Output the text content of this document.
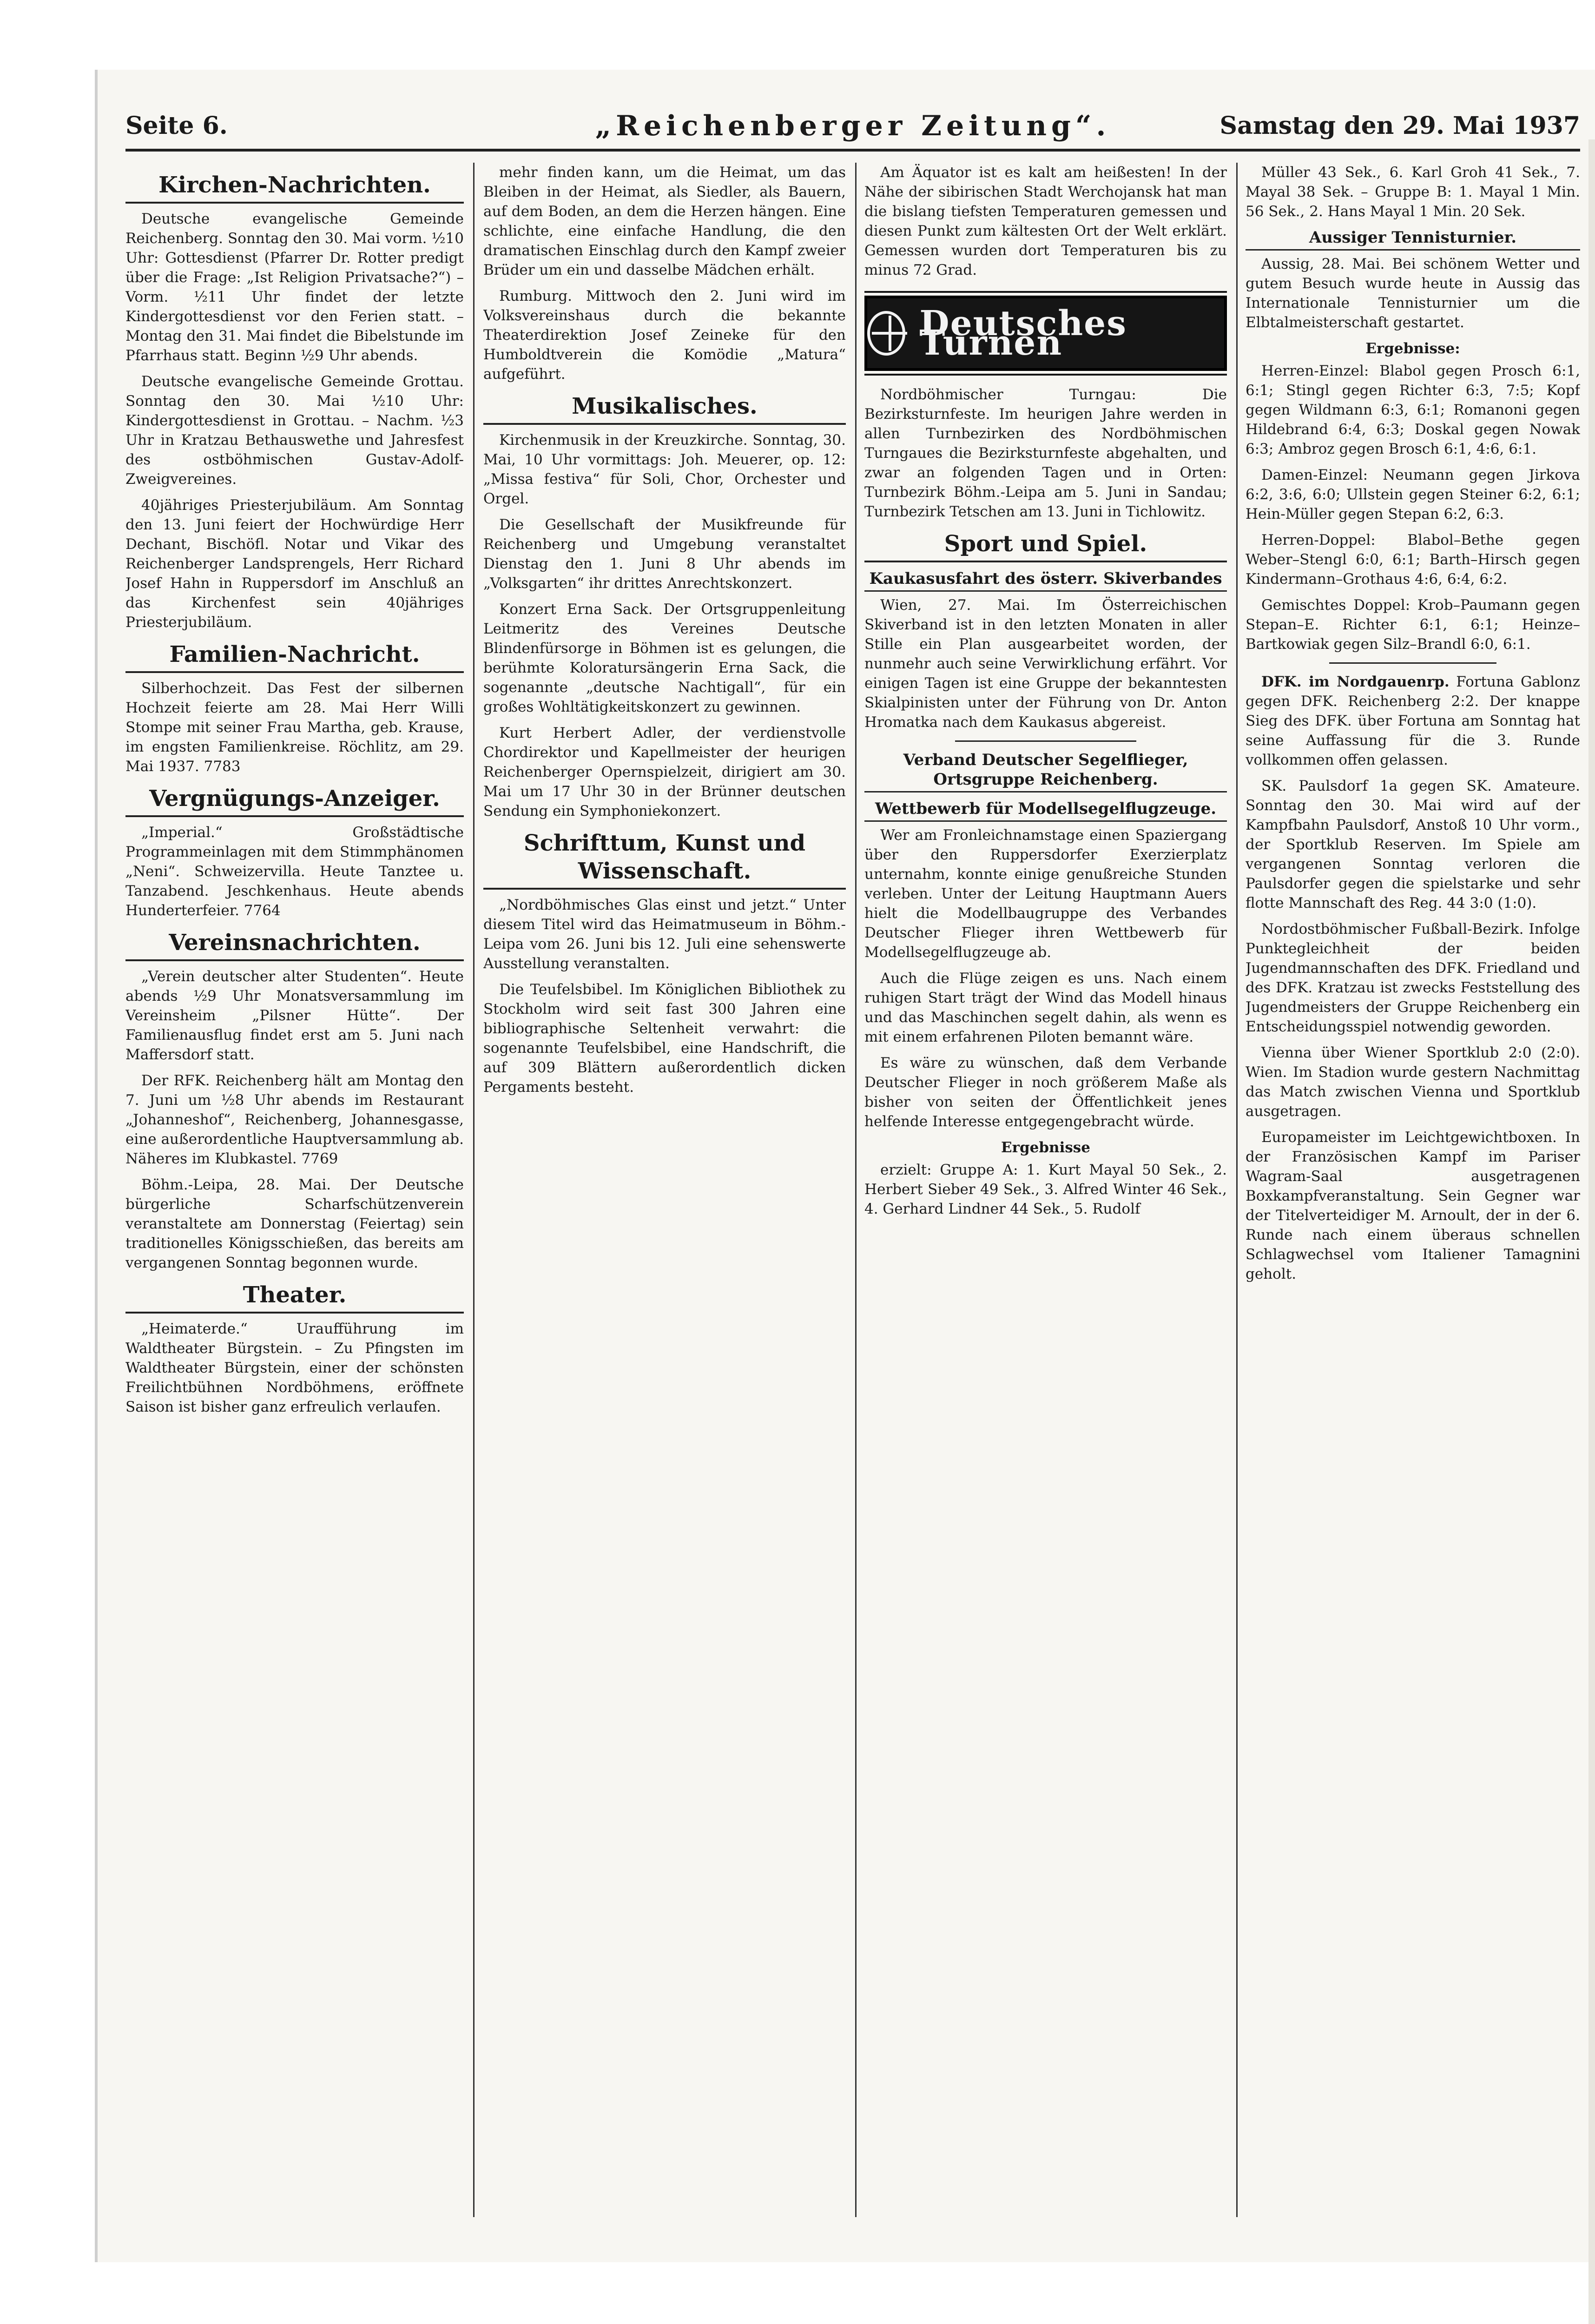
Seite 6.	„Reichenberger Zeitung“.	Samstag den 29. Mai 1937
Kirchen-Nachrichten.

Deutsche evangelische Gemeinde Reichenberg. Sonntag den 30. Mai vorm. ½10 Uhr: Gottesdienst (Pfarrer Dr. Rotter predigt über die Frage: „Ist Religion Privatsache?“) – Vorm. ½11 Uhr findet der letzte Kindergottesdienst vor den Ferien statt. – Montag den 31. Mai findet die Bibelstunde im Pfarrhaus statt. Beginn ½9 Uhr abends.

Deutsche evangelische Gemeinde Grottau. Sonntag den 30. Mai ½10 Uhr: Kindergottesdienst in Grottau. – Nachm. ½3 Uhr in Kratzau Bethauswethe und Jahresfest des ostböhmischen Gustav-Adolf-Zweigvereines.

40jähriges Priesterjubiläum. Am Sonntag den 13. Juni feiert der Hochwürdige Herr Dechant, Bischöfl. Notar und Vikar des Reichenberger Landsprengels, Herr Richard Josef Hahn in Ruppersdorf im Anschluß an das Kirchenfest sein 40jähriges Priesterjubiläum.

Familien-Nachricht.

Silberhochzeit. Das Fest der silbernen Hochzeit feierte am 28. Mai Herr Willi Stompe mit seiner Frau Martha, geb. Krause, im engsten Familienkreise. Röchlitz, am 29. Mai 1937. 7783

Vergnügungs-Anzeiger.

„Imperial.“ Großstädtische Programmeinlagen mit dem Stimmphänomen „Neni“. Schweizervilla. Heute Tanztee u. Tanzabend. Jeschkenhaus. Heute abends Hunderterfeier. 7764

Vereinsnachrichten.

„Verein deutscher alter Studenten“. Heute abends ½9 Uhr Monatsversammlung im Vereinsheim „Pilsner Hütte“. Der Familienausflug findet erst am 5. Juni nach Maffersdorf statt.

Der RFK. Reichenberg hält am Montag den 7. Juni um ½8 Uhr abends im Restaurant „Johanneshof“, Reichenberg, Johannesgasse, eine außerordentliche Hauptversammlung ab. Näheres im Klubkastel. 7769

Böhm.-Leipa, 28. Mai. Der Deutsche bürgerliche Scharfschützenverein veranstaltete am Donnerstag (Feiertag) sein traditionelles Königsschießen, das bereits am vergangenen Sonntag begonnen wurde.

Theater.

„Heimaterde.“ Uraufführung im Waldtheater Bürgstein. – Zu Pfingsten im Waldtheater Bürgstein, einer der schönsten Freilichtbühnen Nordböhmens, eröffnete Saison ist bisher ganz erfreulich verlaufen.

mehr finden kann, um die Heimat, um das Bleiben in der Heimat, als Siedler, als Bauern, auf dem Boden, an dem die Herzen hängen. Eine schlichte, eine einfache Handlung, die den dramatischen Einschlag durch den Kampf zweier Brüder um ein und dasselbe Mädchen erhält.

Rumburg. Mittwoch den 2. Juni wird im Volksvereinshaus durch die bekannte Theaterdirektion Josef Zeineke für den Humboldtverein die Komödie „Matura“ aufgeführt.

Musikalisches.

Kirchenmusik in der Kreuzkirche. Sonntag, 30. Mai, 10 Uhr vormittags: Joh. Meuerer, op. 12: „Missa festiva“ für Soli, Chor, Orchester und Orgel.

Die Gesellschaft der Musikfreunde für Reichenberg und Umgebung veranstaltet Dienstag den 1. Juni 8 Uhr abends im „Volksgarten“ ihr drittes Anrechtskonzert.

Konzert Erna Sack. Der Ortsgruppenleitung Leitmeritz des Vereines Deutsche Blindenfürsorge in Böhmen ist es gelungen, die berühmte Koloratursängerin Erna Sack, die sogenannte „deutsche Nachtigall“, für ein großes Wohltätigkeitskonzert zu gewinnen.

Kurt Herbert Adler, der verdienstvolle Chordirektor und Kapellmeister der heurigen Reichenberger Opernspielzeit, dirigiert am 30. Mai um 17 Uhr 30 in der Brünner deutschen Sendung ein Symphoniekonzert.

Schrifttum, Kunst und Wissenschaft.

„Nordböhmisches Glas einst und jetzt.“ Unter diesem Titel wird das Heimatmuseum in Böhm.-Leipa vom 26. Juni bis 12. Juli eine sehenswerte Ausstellung veranstalten.

Die Teufelsbibel. Im Königlichen Bibliothek zu Stockholm wird seit fast 300 Jahren eine bibliographische Seltenheit verwahrt: die sogenannte Teufelsbibel, eine Handschrift, die auf 309 Blättern außerordentlich dicken Pergaments besteht.

Am Äquator ist es kalt am heißesten! In der Nähe der sibirischen Stadt Werchojansk hat man die bislang tiefsten Temperaturen gemessen und diesen Punkt zum kältesten Ort der Welt erklärt. Gemessen wurden dort Temperaturen bis zu minus 72 Grad.

Deutsches Turnen

Nordböhmischer Turngau: Die Bezirksturnfeste. Im heurigen Jahre werden in allen Turnbezirken des Nordböhmischen Turngaues die Bezirksturnfeste abgehalten, und zwar an folgenden Tagen und in Orten: Turnbezirk Böhm.-Leipa am 5. Juni in Sandau; Turnbezirk Tetschen am 13. Juni in Tichlowitz.

Sport und Spiel.
Kaukasusfahrt des österr. Skiverbandes

Wien, 27. Mai. Im Österreichischen Skiverband ist in den letzten Monaten in aller Stille ein Plan ausgearbeitet worden, der nunmehr auch seine Verwirklichung erfährt. Vor einigen Tagen ist eine Gruppe der bekanntesten Skialpinisten unter der Führung von Dr. Anton Hromatka nach dem Kaukasus abgereist.

Verband Deutscher Segelflieger, Ortsgruppe Reichenberg.
Wettbewerb für Modellsegelflugzeuge.

Wer am Fronleichnamstage einen Spaziergang über den Ruppersdorfer Exerzierplatz unternahm, konnte einige genußreiche Stunden verleben. Unter der Leitung Hauptmann Auers hielt die Modellbaugruppe des Verbandes Deutscher Flieger ihren Wettbewerb für Modellsegelflugzeuge ab.

Auch die Flüge zeigen es uns. Nach einem ruhigen Start trägt der Wind das Modell hinaus und das Maschinchen segelt dahin, als wenn es mit einem erfahrenen Piloten bemannt wäre.

Es wäre zu wünschen, daß dem Verbande Deutscher Flieger in noch größerem Maße als bisher von seiten der Öffentlichkeit jenes helfende Interesse entgegengebracht würde.

Ergebnisse

erzielt: Gruppe A: 1. Kurt Mayal 50 Sek., 2. Herbert Sieber 49 Sek., 3. Alfred Winter 46 Sek., 4. Gerhard Lindner 44 Sek., 5. Rudolf

Müller 43 Sek., 6. Karl Groh 41 Sek., 7. Mayal 38 Sek. – Gruppe B: 1. Mayal 1 Min. 56 Sek., 2. Hans Mayal 1 Min. 20 Sek.

Aussiger Tennisturnier.

Aussig, 28. Mai. Bei schönem Wetter und gutem Besuch wurde heute in Aussig das Internationale Tennisturnier um die Elbtalmeisterschaft gestartet.

Ergebnisse:

Herren-Einzel: Blabol gegen Prosch 6:1, 6:1; Stingl gegen Richter 6:3, 7:5; Kopf gegen Wildmann 6:3, 6:1; Romanoni gegen Hildebrand 6:4, 6:3; Doskal gegen Nowak 6:3; Ambroz gegen Brosch 6:1, 4:6, 6:1.

Damen-Einzel: Neumann gegen Jirkova 6:2, 3:6, 6:0; Ullstein gegen Steiner 6:2, 6:1; Hein-Müller gegen Stepan 6:2, 6:3.

Herren-Doppel: Blabol–Bethe gegen Weber–Stengl 6:0, 6:1; Barth–Hirsch gegen Kindermann–Grothaus 4:6, 6:4, 6:2.

Gemischtes Doppel: Krob–Paumann gegen Stepan–E. Richter 6:1, 6:1; Heinze–Bartkowiak gegen Silz–Brandl 6:0, 6:1.

DFK. im Nordgauenrp. Fortuna Gablonz gegen DFK. Reichenberg 2:2. Der knappe Sieg des DFK. über Fortuna am Sonntag hat seine Auffassung für die 3. Runde vollkommen offen gelassen.

SK. Paulsdorf 1a gegen SK. Amateure. Sonntag den 30. Mai wird auf der Kampfbahn Paulsdorf, Anstoß 10 Uhr vorm., der Sportklub Reserven. Im Spiele am vergangenen Sonntag verloren die Paulsdorfer gegen die spielstarke und sehr flotte Mannschaft des Reg. 44 3:0 (1:0).

Nordostböhmischer Fußball-Bezirk. Infolge Punktegleichheit der beiden Jugendmannschaften des DFK. Friedland und des DFK. Kratzau ist zwecks Feststellung des Jugendmeisters der Gruppe Reichenberg ein Entscheidungsspiel notwendig geworden.

Vienna über Wiener Sportklub 2:0 (2:0). Wien. Im Stadion wurde gestern Nachmittag das Match zwischen Vienna und Sportklub ausgetragen.

Europameister im Leichtgewichtboxen. In der Französischen Kampf im Pariser Wagram-Saal ausgetragenen Boxkampfveranstaltung. Sein Gegner war der Titelverteidiger M. Arnoult, der in der 6. Runde nach einem überaus schnellen Schlagwechsel vom Italiener Tamagnini geholt.
